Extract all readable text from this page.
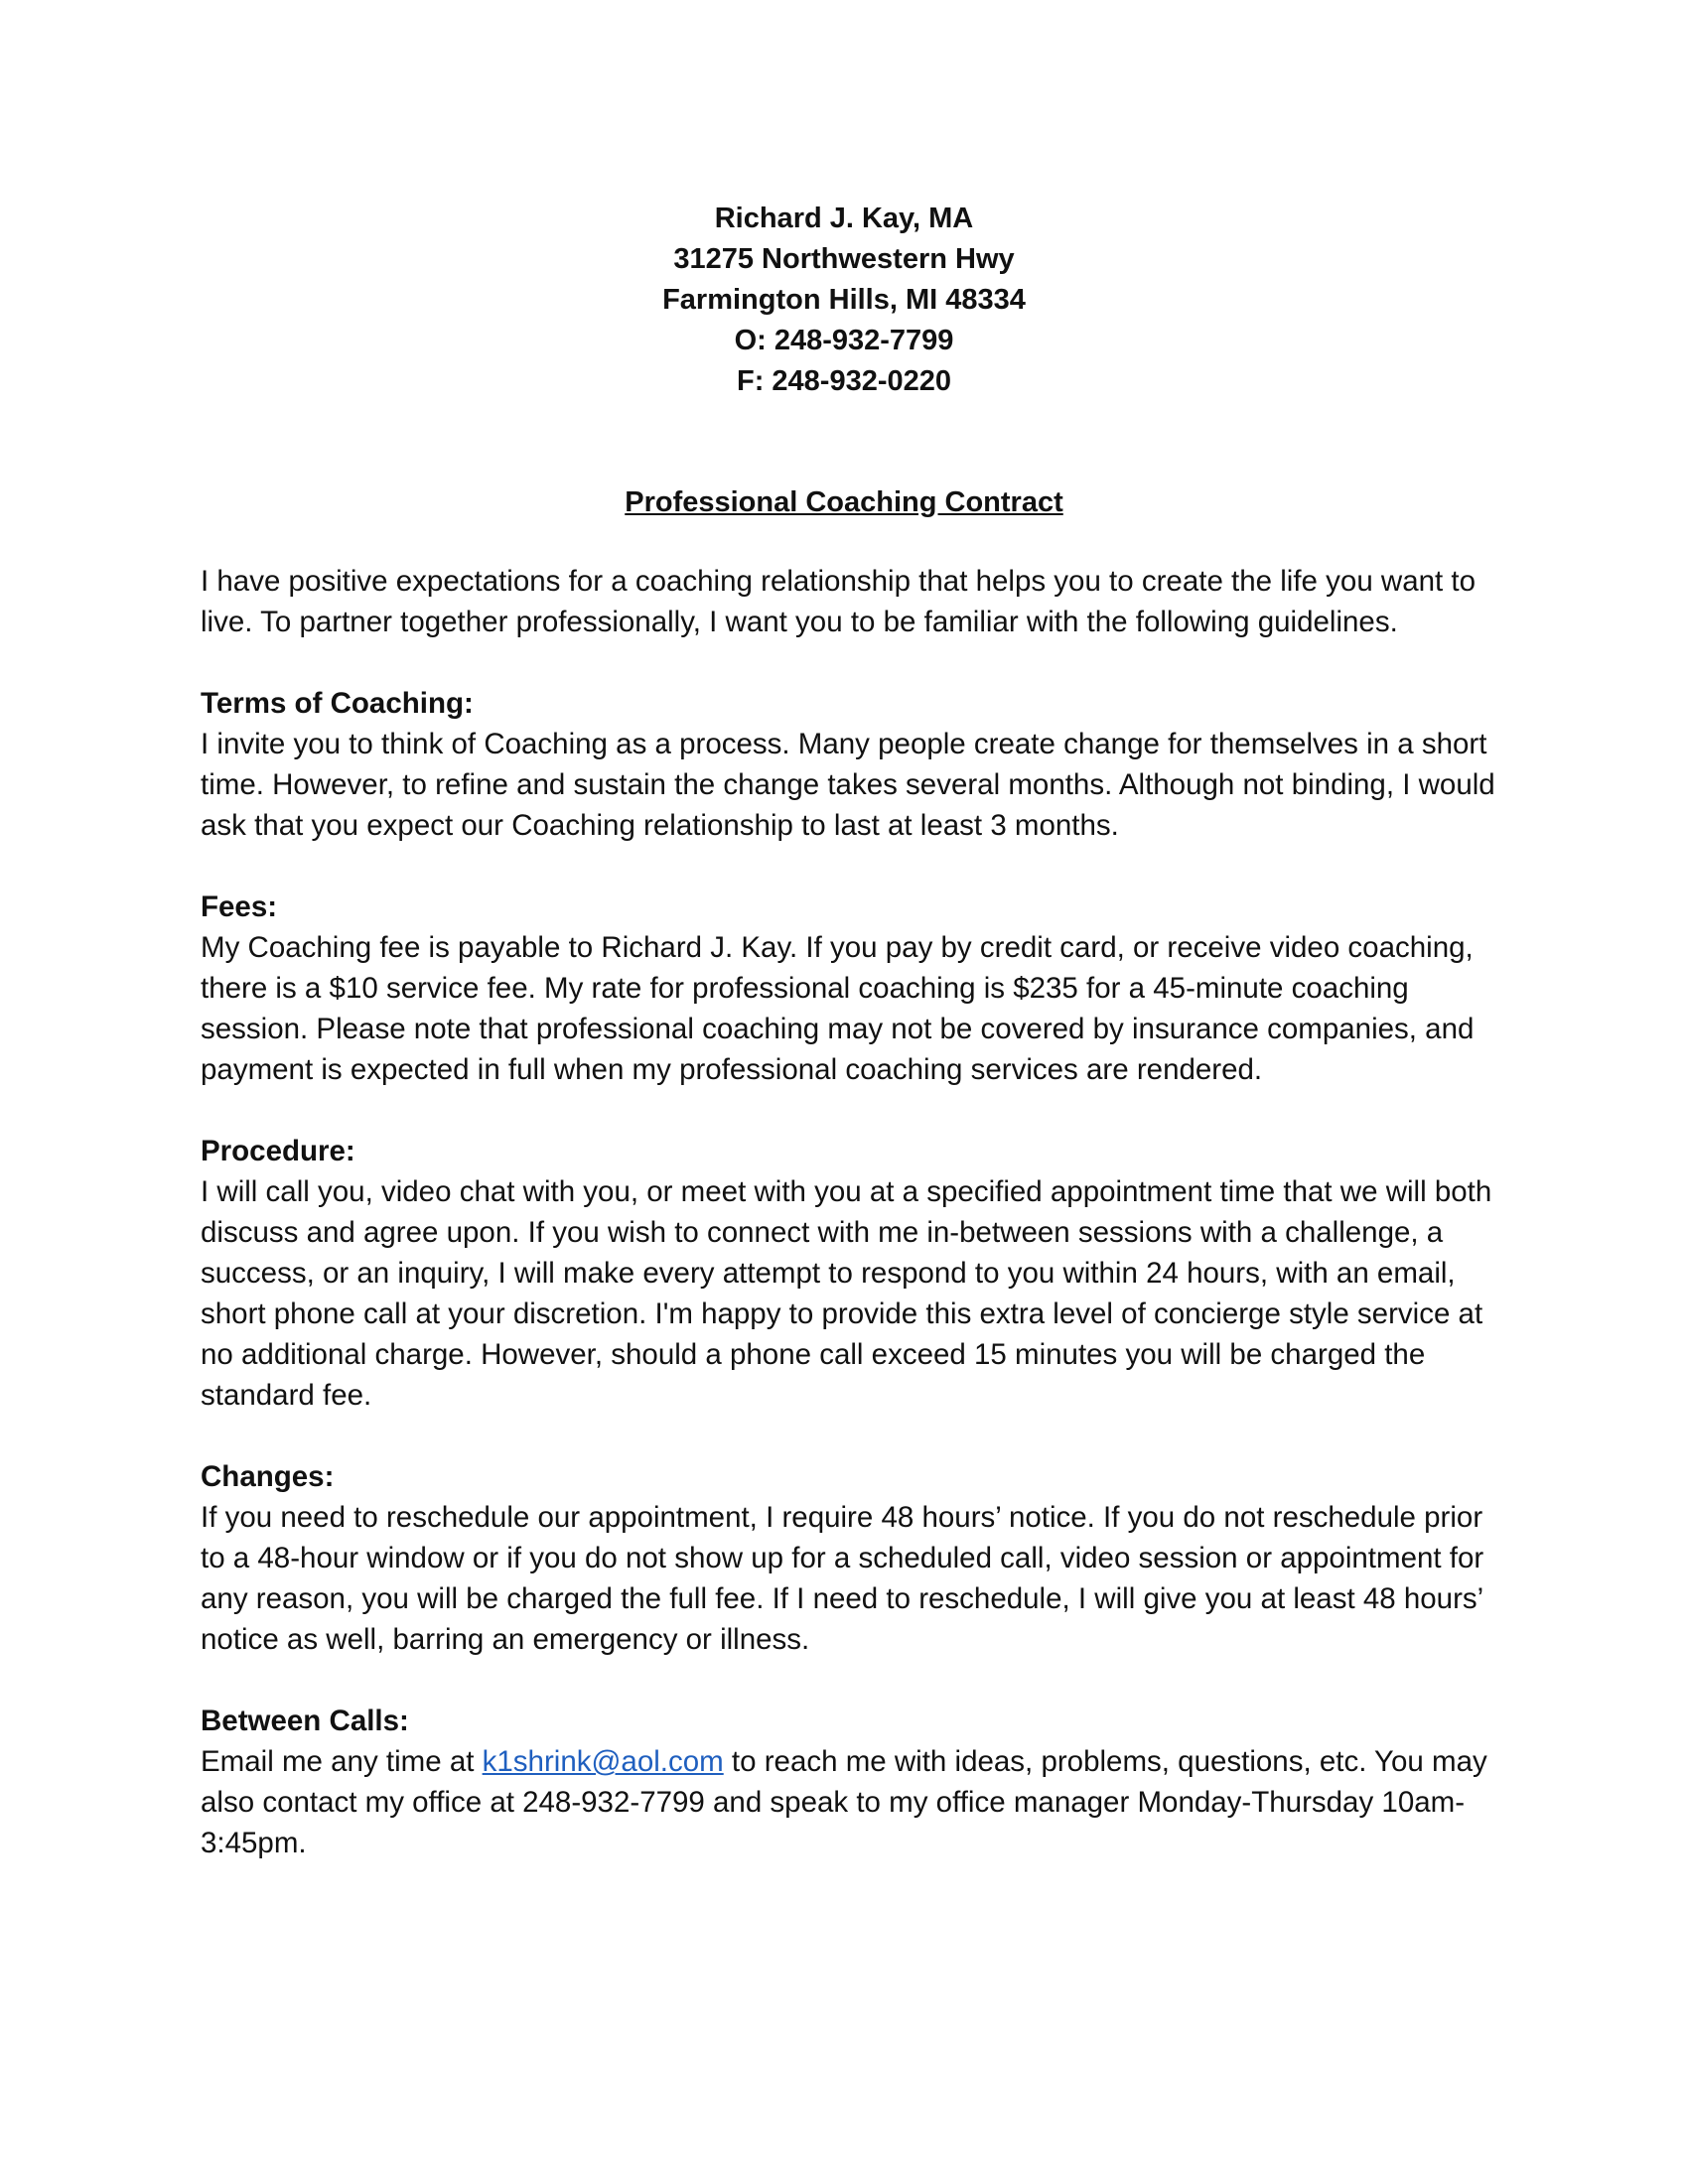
Richard J. Kay, MA
31275 Northwestern Hwy
Farmington Hills, MI 48334
O: 248-932-7799
F: 248-932-0220
Professional Coaching Contract

I have positive expectations for a coaching relationship that helps you to create the life you want to live. To partner together professionally, I want you to be familiar with the following guidelines.

Terms of Coaching:

I invite you to think of Coaching as a process. Many people create change for themselves in a short time. However, to refine and sustain the change takes several months. Although not binding, I would ask that you expect our Coaching relationship to last at least 3 months.

Fees:

My Coaching fee is payable to Richard J. Kay. If you pay by credit card, or receive video coaching, there is a $10 service fee. My rate for professional coaching is $235 for a 45-minute coaching session. Please note that professional coaching may not be covered by insurance companies, and payment is expected in full when my professional coaching services are rendered.

Procedure:

I will call you, video chat with you, or meet with you at a specified appointment time that we will both discuss and agree upon. If you wish to connect with me in-between sessions with a challenge, a success, or an inquiry, I will make every attempt to respond to you within 24 hours, with an email, short phone call at your discretion. I'm happy to provide this extra level of concierge style service at no additional charge. However, should a phone call exceed 15 minutes you will be charged the standard fee.

Changes:

If you need to reschedule our appointment, I require 48 hours’ notice. If you do not reschedule prior to a 48-hour window or if you do not show up for a scheduled call, video session or appointment for any reason, you will be charged the full fee. If I need to reschedule, I will give you at least 48 hours’ notice as well, barring an emergency or illness.

Between Calls:

Email me any time at k1shrink@aol.com to reach me with ideas, problems, questions, etc. You may also contact my office at 248-932-7799 and speak to my office manager Monday-Thursday 10am-3:45pm.
